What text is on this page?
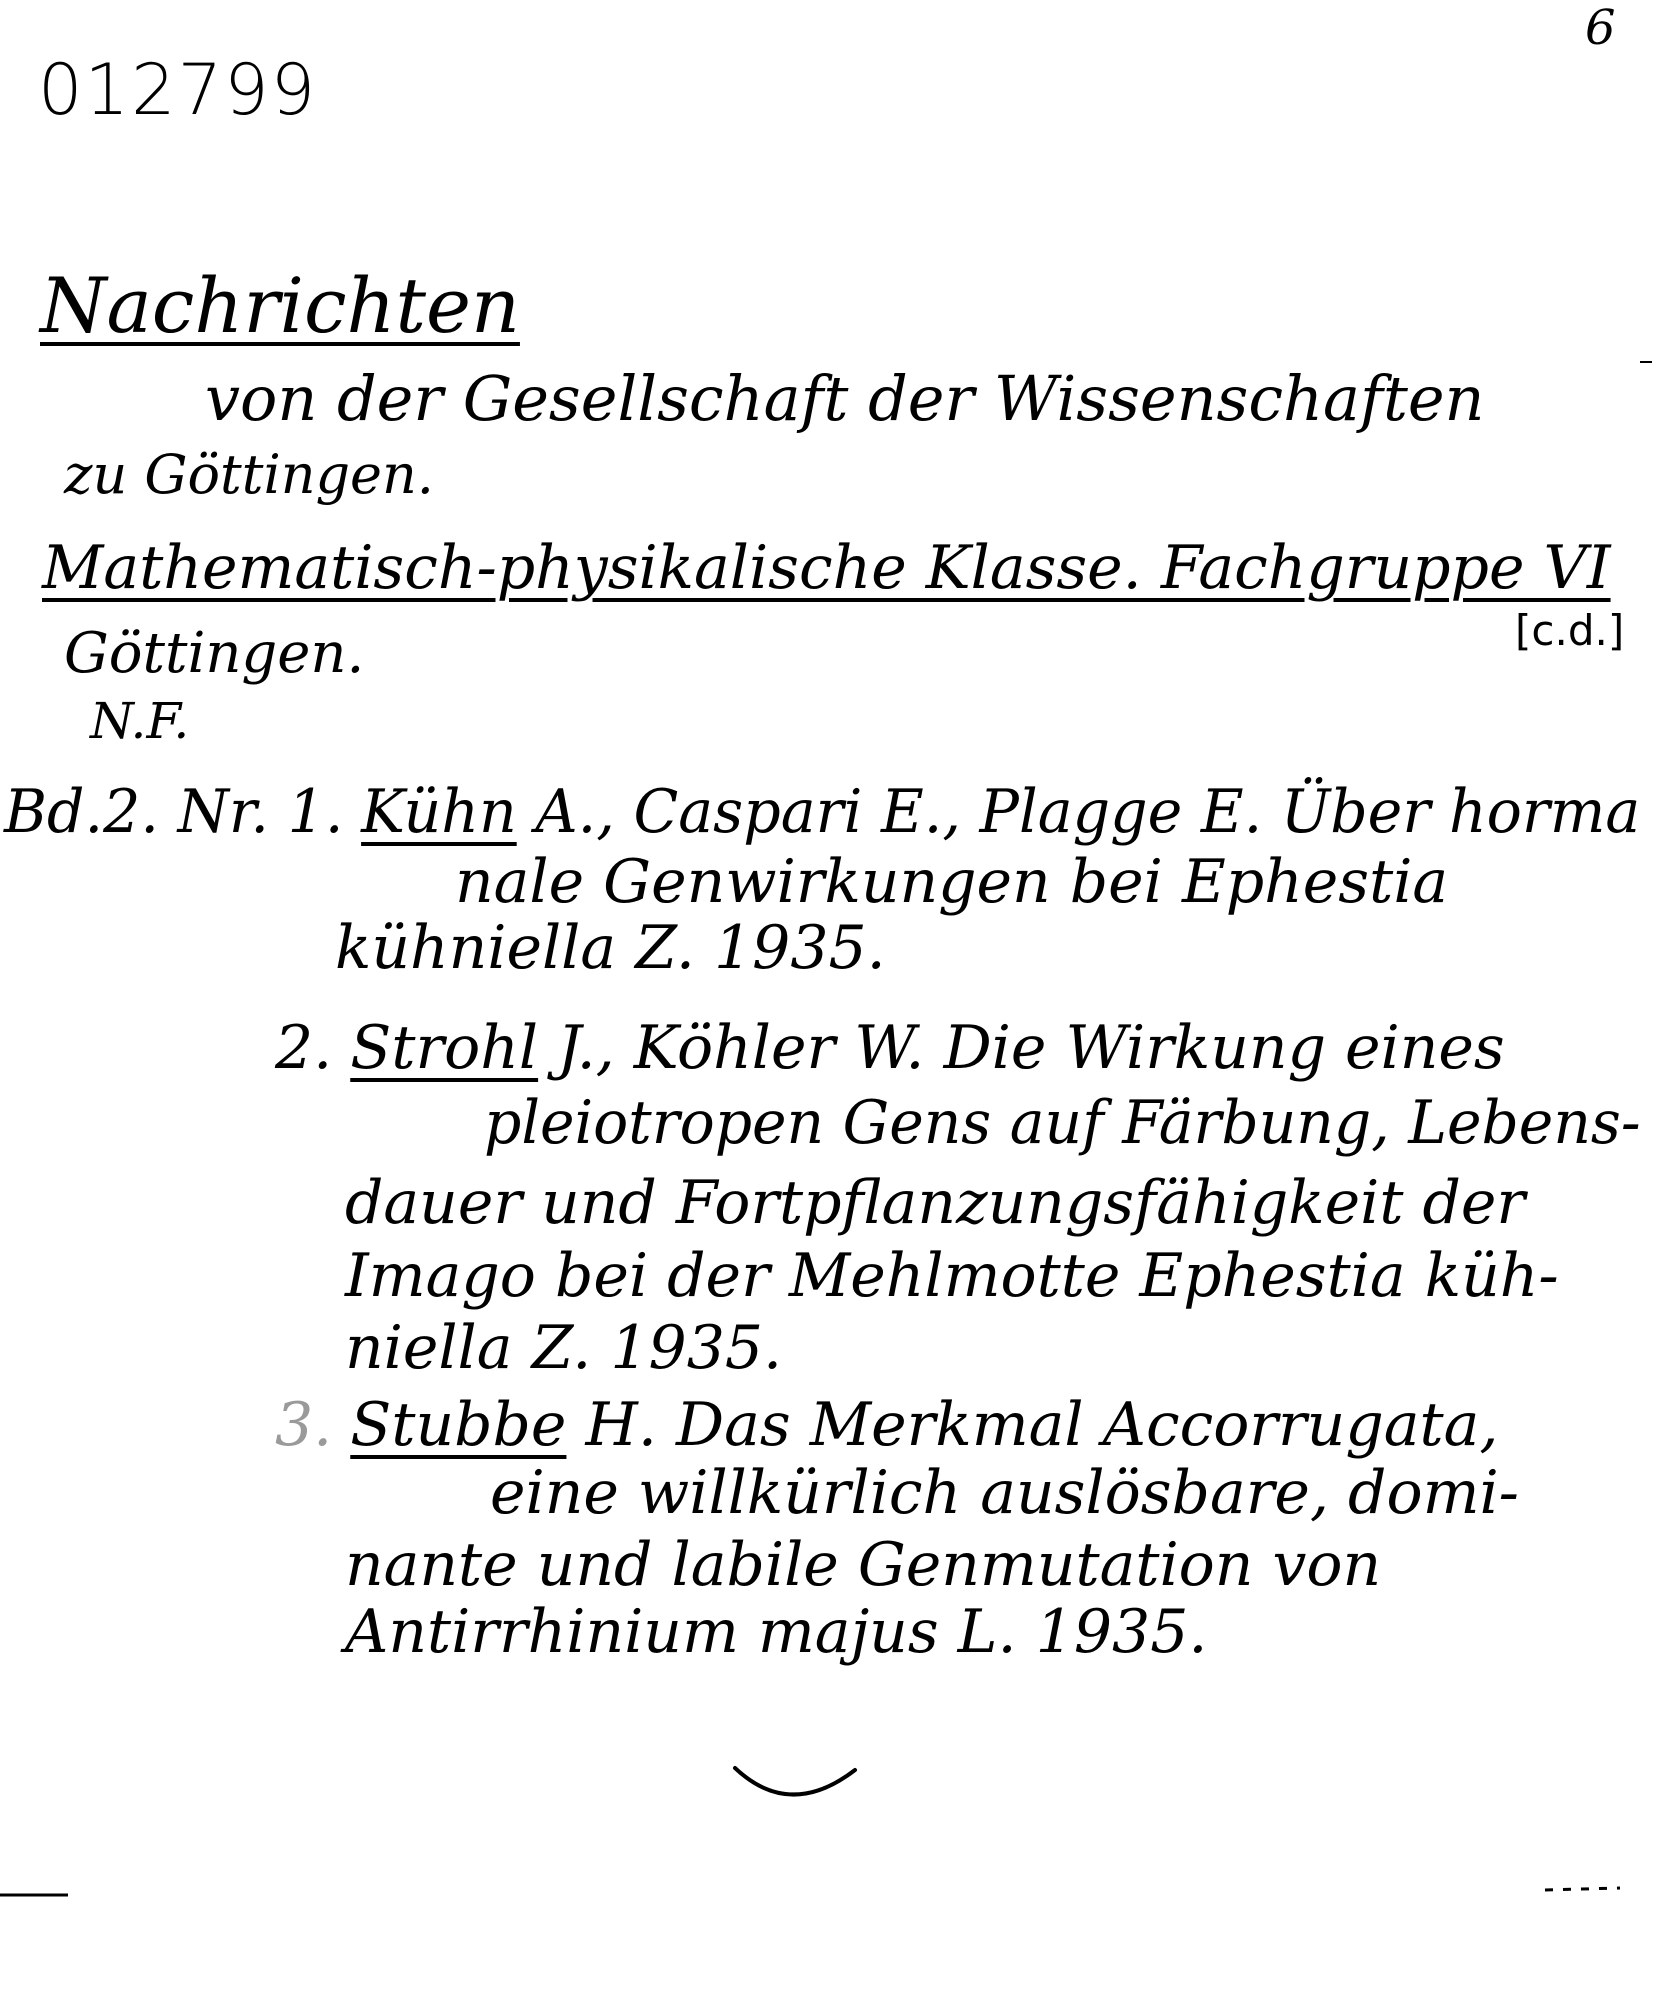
012799
6
Nachrichten
von der Gesellschaft der Wissenschaften
zu Göttingen.
Mathematisch-physikalische Klasse. Fachgruppe VI
[c.d.]
Göttingen.
N.F.
Bd.2. Nr. 1. Kühn A., Caspari E., Plagge E. Über horma
nale Genwirkungen bei Ephestia
kühniella Z. 1935.
2. Strohl J., Köhler W. Die Wirkung eines
pleiotropen Gens auf Färbung, Lebens-
dauer und Fortpflanzungsfähigkeit der
Imago bei der Mehlmotte Ephestia küh-
niella Z. 1935.
3. Stubbe H. Das Merkmal Accorrugata,
eine willkürlich auslösbare, domi-
nante und labile Genmutation von
Antirrhinium majus L. 1935.
